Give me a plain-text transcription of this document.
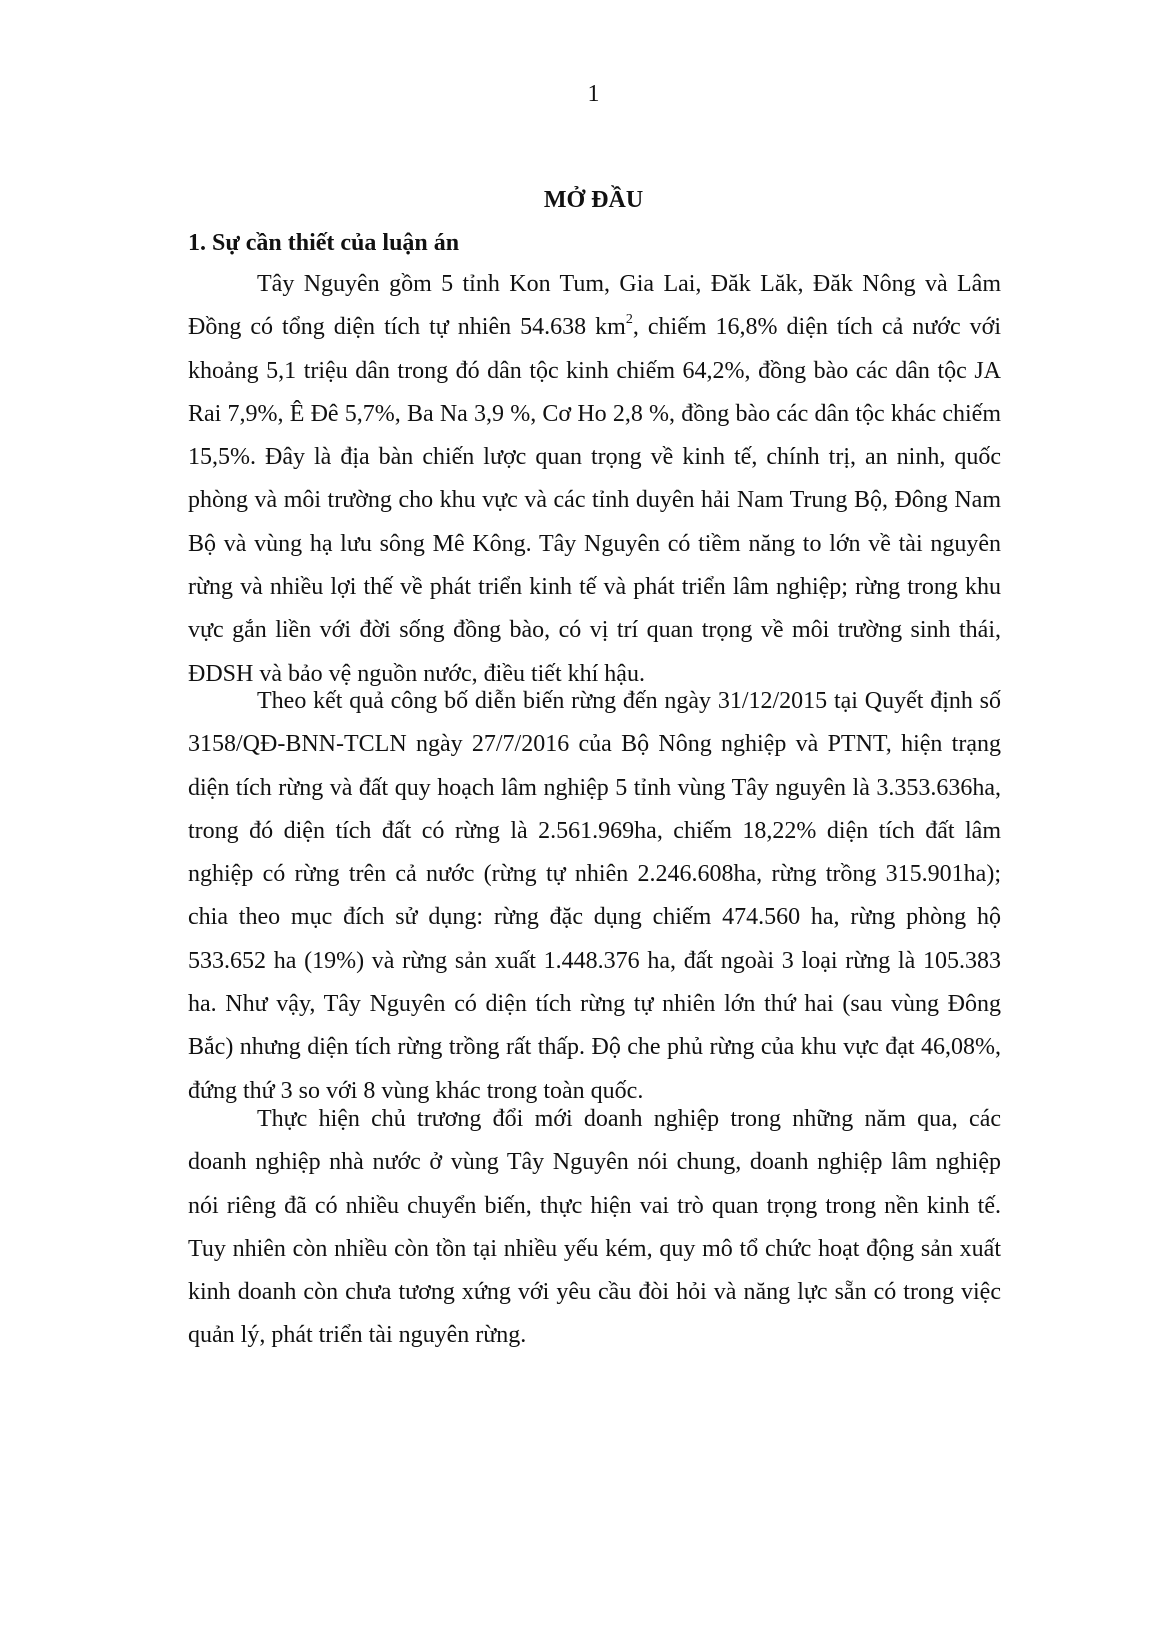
1
MỞ ĐẦU
1. Sự cần thiết của luận án
Tây Nguyên gồm 5 tỉnh Kon Tum, Gia Lai, Đăk Lăk, Đăk Nông và Lâm
Đồng có tổng diện tích tự nhiên 54.638 $km^2$, chiếm 16,8% diện tích cả nước với
khoảng 5,1 triệu dân trong đó dân tộc kinh chiếm 64,2%, đồng bào các dân tộc JA
Rai 7,9%, Ê Đê 5,7%, Ba Na 3,9 %, Cơ Ho 2,8 %, đồng bào các dân tộc khác chiếm
15,5%. Đây là địa bàn chiến lược quan trọng về kinh tế, chính trị, an ninh, quốc
phòng và môi trường cho khu vực và các tỉnh duyên hải Nam Trung Bộ, Đông Nam
Bộ và vùng hạ lưu sông Mê Kông. Tây Nguyên có tiềm năng to lớn về tài nguyên
rừng và nhiều lợi thế về phát triển kinh tế và phát triển lâm nghiệp; rừng trong khu
vực gắn liền với đời sống đồng bào, có vị trí quan trọng về môi trường sinh thái,
ĐDSH và bảo vệ nguồn nước, điều tiết khí hậu.
Theo kết quả công bố diễn biến rừng đến ngày 31/12/2015 tại Quyết định số
3158/QĐ-BNN-TCLN ngày 27/7/2016 của Bộ Nông nghiệp và PTNT, hiện trạng
diện tích rừng và đất quy hoạch lâm nghiệp 5 tỉnh vùng Tây nguyên là 3.353.636ha,
trong đó diện tích đất có rừng là 2.561.969ha, chiếm 18,22% diện tích đất lâm
nghiệp có rừng trên cả nước (rừng tự nhiên 2.246.608ha, rừng trồng 315.901ha);
chia theo mục đích sử dụng: rừng đặc dụng chiếm 474.560 ha, rừng phòng hộ
533.652 ha (19%) và rừng sản xuất 1.448.376 ha, đất ngoài 3 loại rừng là 105.383
ha. Như vậy, Tây Nguyên có diện tích rừng tự nhiên lớn thứ hai (sau vùng Đông
Bắc) nhưng diện tích rừng trồng rất thấp. Độ che phủ rừng của khu vực đạt 46,08%,
đứng thứ 3 so với 8 vùng khác trong toàn quốc.
Thực hiện chủ trương đổi mới doanh nghiệp trong những năm qua, các
doanh nghiệp nhà nước ở vùng Tây Nguyên nói chung, doanh nghiệp lâm nghiệp
nói riêng đã có nhiều chuyển biến, thực hiện vai trò quan trọng trong nền kinh tế.
Tuy nhiên còn nhiều còn tồn tại nhiều yếu kém, quy mô tổ chức hoạt động sản xuất
kinh doanh còn chưa tương xứng với yêu cầu đòi hỏi và năng lực sẵn có trong việc
quản lý, phát triển tài nguyên rừng.
